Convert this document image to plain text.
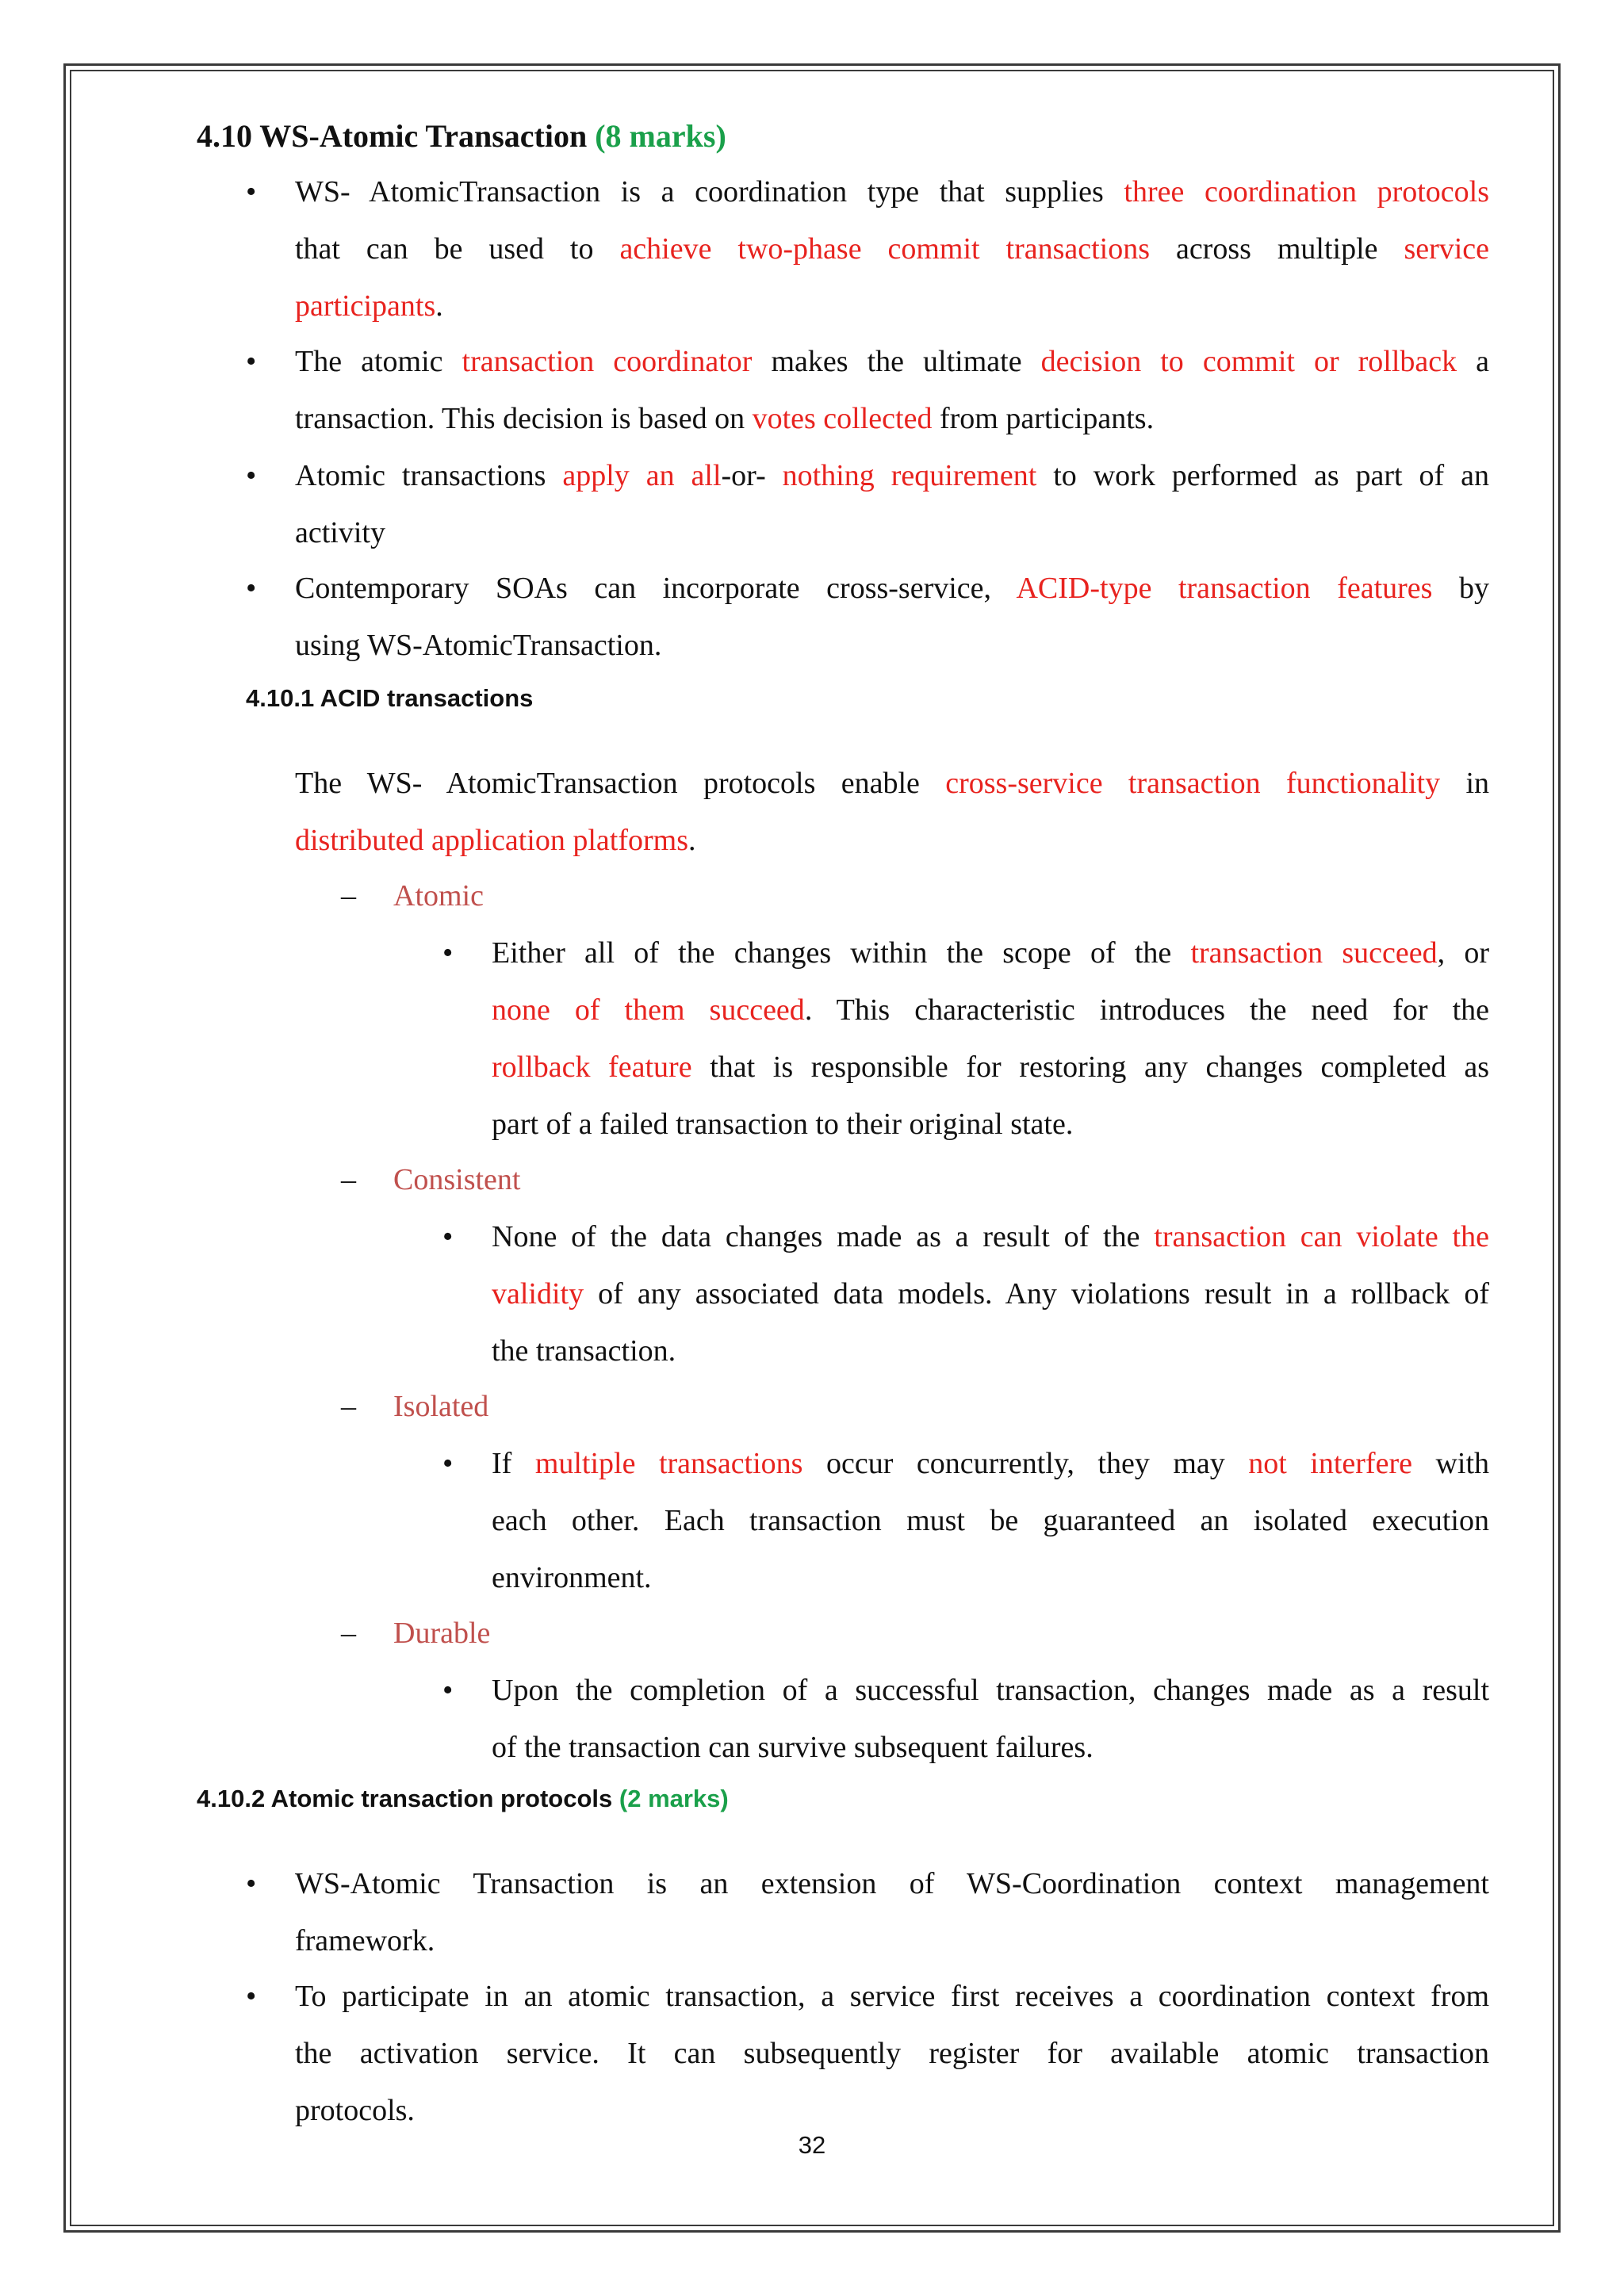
4.10 WS-Atomic Transaction (8 marks)
• WS- AtomicTransaction is a coordination type that supplies three coordination protocols
that can be used to achieve two-phase commit transactions across multiple service
participants.
• The atomic transaction coordinator makes the ultimate decision to commit or rollback a
transaction. This decision is based on votes collected from participants.
• Atomic transactions apply an all-or- nothing requirement to work performed as part of an
activity
• Contemporary SOAs can incorporate cross-service, ACID-type transaction features by
using WS-AtomicTransaction.
4.10.1 ACID transactions
The WS- AtomicTransaction protocols enable cross-service transaction functionality in
distributed application platforms.
– Atomic
• Either all of the changes within the scope of the transaction succeed, or
none of them succeed. This characteristic introduces the need for the
rollback feature that is responsible for restoring any changes completed as
part of a failed transaction to their original state.
– Consistent
• None of the data changes made as a result of the transaction can violate the
validity of any associated data models. Any violations result in a rollback of
the transaction.
– Isolated
• If multiple transactions occur concurrently, they may not interfere with
each other. Each transaction must be guaranteed an isolated execution
environment.
– Durable
• Upon the completion of a successful transaction, changes made as a result
of the transaction can survive subsequent failures.
4.10.2 Atomic transaction protocols (2 marks)
• WS-Atomic Transaction is an extension of WS-Coordination context management
framework.
• To participate in an atomic transaction, a service first receives a coordination context from
the activation service. It can subsequently register for available atomic transaction
protocols.
32
